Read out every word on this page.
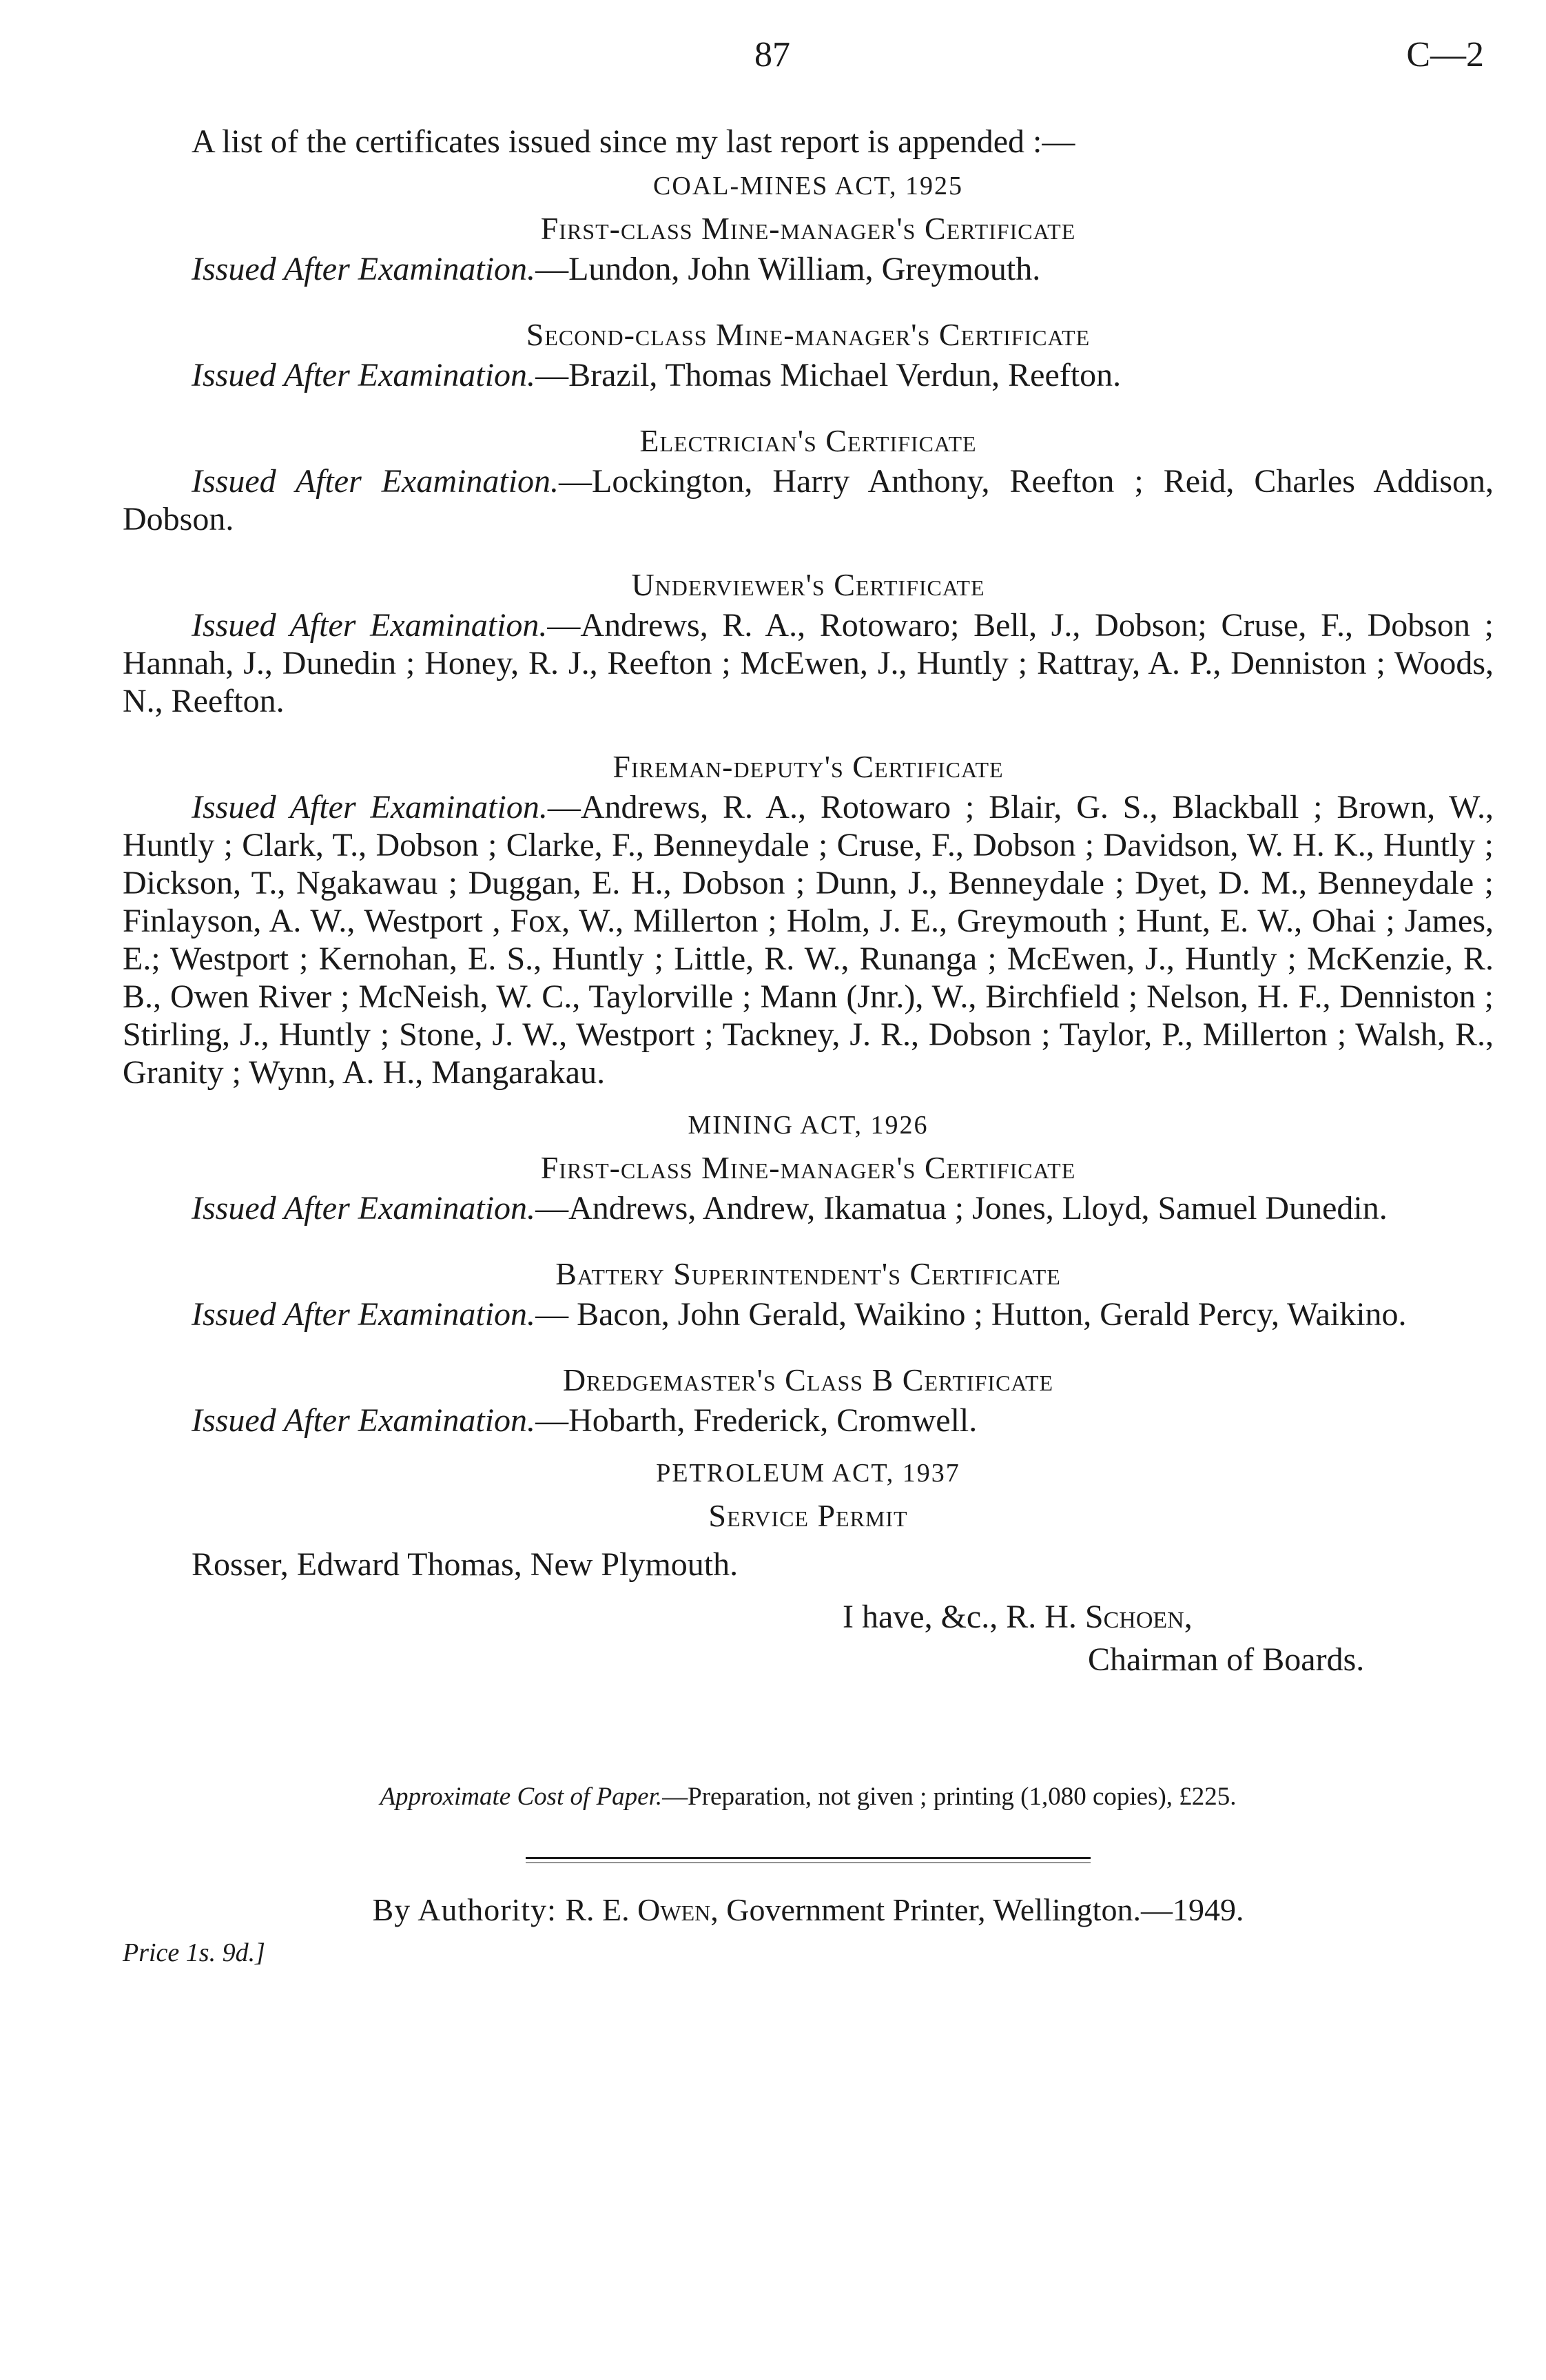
87	C—2

A list of the certificates issued since my last report is appended :—

COAL-MINES ACT, 1925

First-class Mine-manager's Certificate

Issued After Examination.—Lundon, John William, Greymouth.

Second-class Mine-manager's Certificate

Issued After Examination.—Brazil, Thomas Michael Verdun, Reefton.

Electrician's Certificate

Issued After Examination.—Lockington, Harry Anthony, Reefton ; Reid, Charles Addison, Dobson.

Underviewer's Certificate

Issued After Examination.—Andrews, R. A., Rotowaro; Bell, J., Dobson; Cruse, F., Dobson ; Hannah, J., Dunedin ; Honey, R. J., Reefton ; McEwen, J., Huntly ; Rattray, A. P., Denniston ; Woods, N., Reefton.

Fireman-deputy's Certificate

Issued After Examination.—Andrews, R. A., Rotowaro ; Blair, G. S., Blackball ; Brown, W., Huntly ; Clark, T., Dobson ; Clarke, F., Benneydale ; Cruse, F., Dobson ; Davidson, W. H. K., Huntly ; Dickson, T., Ngakawau ; Duggan, E. H., Dobson ; Dunn, J., Benneydale ; Dyet, D. M., Benneydale ; Finlayson, A. W., Westport , Fox, W., Millerton ; Holm, J. E., Greymouth ; Hunt, E. W., Ohai ; James, E.; Westport ; Kernohan, E. S., Huntly ; Little, R. W., Runanga ; McEwen, J., Huntly ; McKenzie, R. B., Owen River ; McNeish, W. C., Taylorville ; Mann (Jnr.), W., Birchfield ; Nelson, H. F., Denniston ; Stirling, J., Huntly ; Stone, J. W., Westport ; Tackney, J. R., Dobson ; Taylor, P., Millerton ; Walsh, R., Granity ; Wynn, A. H., Mangarakau.

MINING ACT, 1926

First-class Mine-manager's Certificate

Issued After Examination.—Andrews, Andrew, Ikamatua ; Jones, Lloyd, Samuel Dunedin.

Battery Superintendent's Certificate

Issued After Examination.— Bacon, John Gerald, Waikino ; Hutton, Gerald Percy, Waikino.

Dredgemaster's Class B Certificate

Issued After Examination.—Hobarth, Frederick, Cromwell.

PETROLEUM ACT, 1937

Service Permit

Rosser, Edward Thomas, New Plymouth.

I have, &c., R. H. Schoen,
Chairman of Boards.

Approximate Cost of Paper.—Preparation, not given ; printing (1,080 copies), £225.

By Authority: R. E. Owen, Government Printer, Wellington.—1949.

Price 1s. 9d.]
